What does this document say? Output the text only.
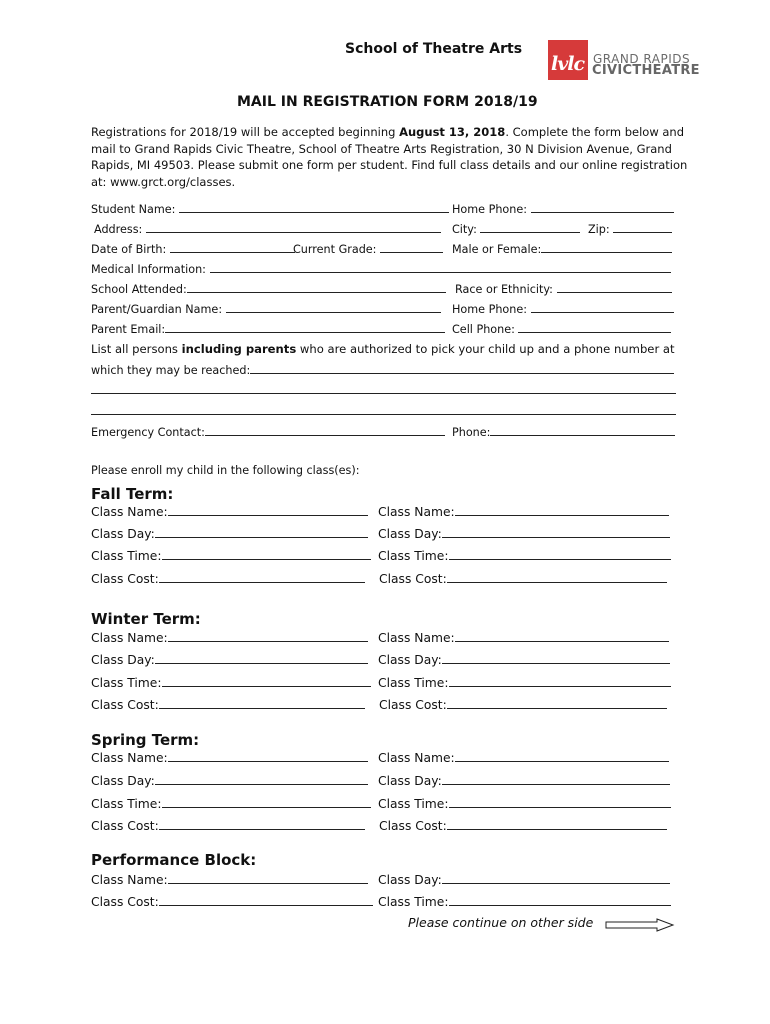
School of Theatre Arts
lvlc GRAND RAPIDS
CIVICTHEATRE
MAIL IN REGISTRATION FORM 2018/19
Registrations for 2018/19 will be accepted beginning August 13, 2018. Complete the form below and mail to Grand Rapids Civic Theatre, School of Theatre Arts Registration, 30 N Division Avenue, Grand Rapids, MI 49503. Please submit one form per student. Find full class details and our online registration at: www.grct.org/classes.
Student Name:	Home Phone:
Address:	City:	Zip:
Date of Birth:	Current Grade:	Male or Female:
Medical Information:
School Attended:	Race or Ethnicity:
Parent/Guardian Name:	Home Phone:
Parent Email:	Cell Phone:
List all persons including parents who are authorized to pick your child up and a phone number at
which they may be reached:
Emergency Contact:	Phone:
Please enroll my child in the following class(es):
Fall Term:
Class Name:	Class Name:
Class Day:	Class Day:
Class Time:	Class Time:
Class Cost:	Class Cost:
Winter Term:
Class Name:	Class Name:
Class Day:	Class Day:
Class Time:	Class Time:
Class Cost:	Class Cost:
Spring Term:
Class Name:	Class Name:
Class Day:	Class Day:
Class Time:	Class Time:
Class Cost:	Class Cost:
Performance Block:
Class Name:	Class Day:
Class Cost:	Class Time:
Please continue on other side
